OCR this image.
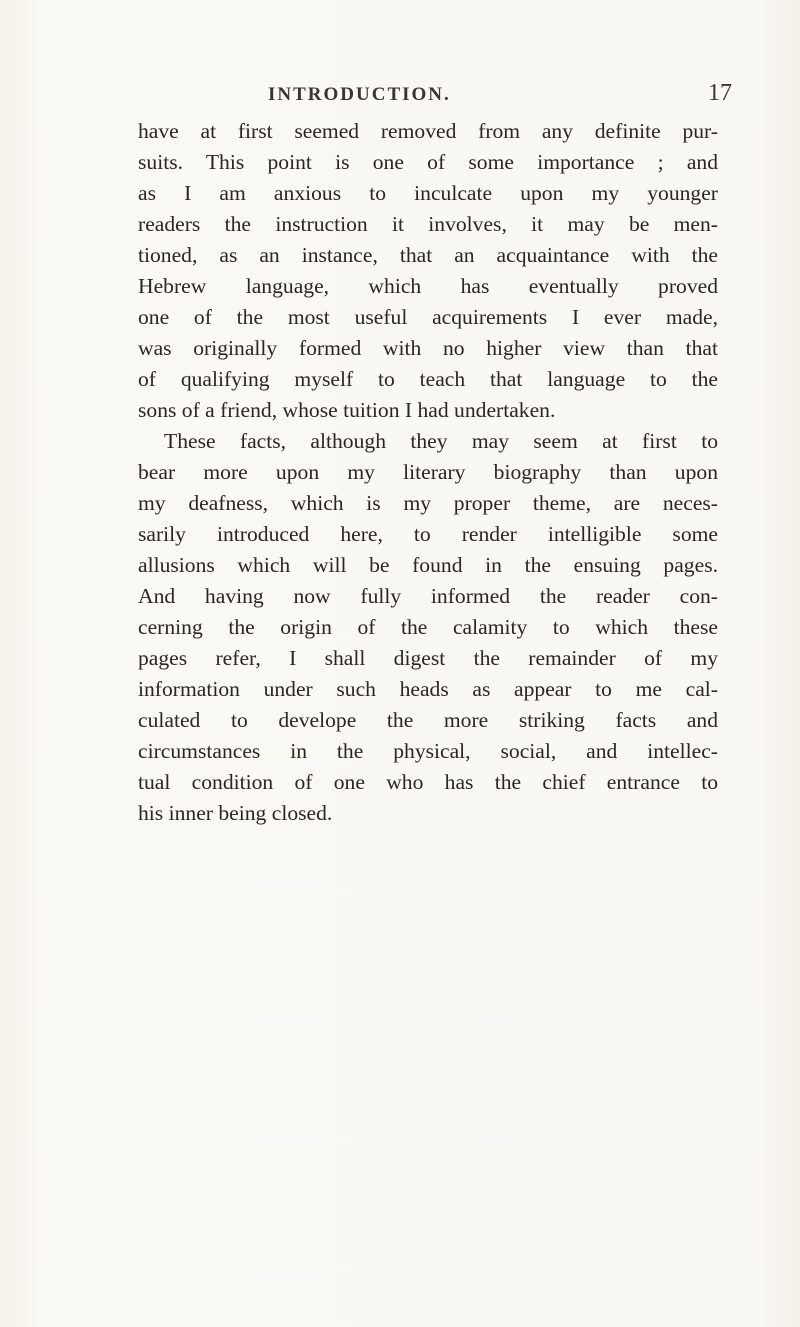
INTRODUCTION.	17
have at first seemed removed from any definite pur-
suits. This point is one of some importance ; and
as I am anxious to inculcate upon my younger
readers the instruction it involves, it may be men-
tioned, as an instance, that an acquaintance with the
Hebrew language, which has eventually proved
one of the most useful acquirements I ever made,
was originally formed with no higher view than that
of qualifying myself to teach that language to the
sons of a friend, whose tuition I had undertaken.
These facts, although they may seem at first to
bear more upon my literary biography than upon
my deafness, which is my proper theme, are neces-
sarily introduced here, to render intelligible some
allusions which will be found in the ensuing pages.
And having now fully informed the reader con-
cerning the origin of the calamity to which these
pages refer, I shall digest the remainder of my
information under such heads as appear to me cal-
culated to develope the more striking facts and
circumstances in the physical, social, and intellec-
tual condition of one who has the chief entrance to
his inner being closed.
